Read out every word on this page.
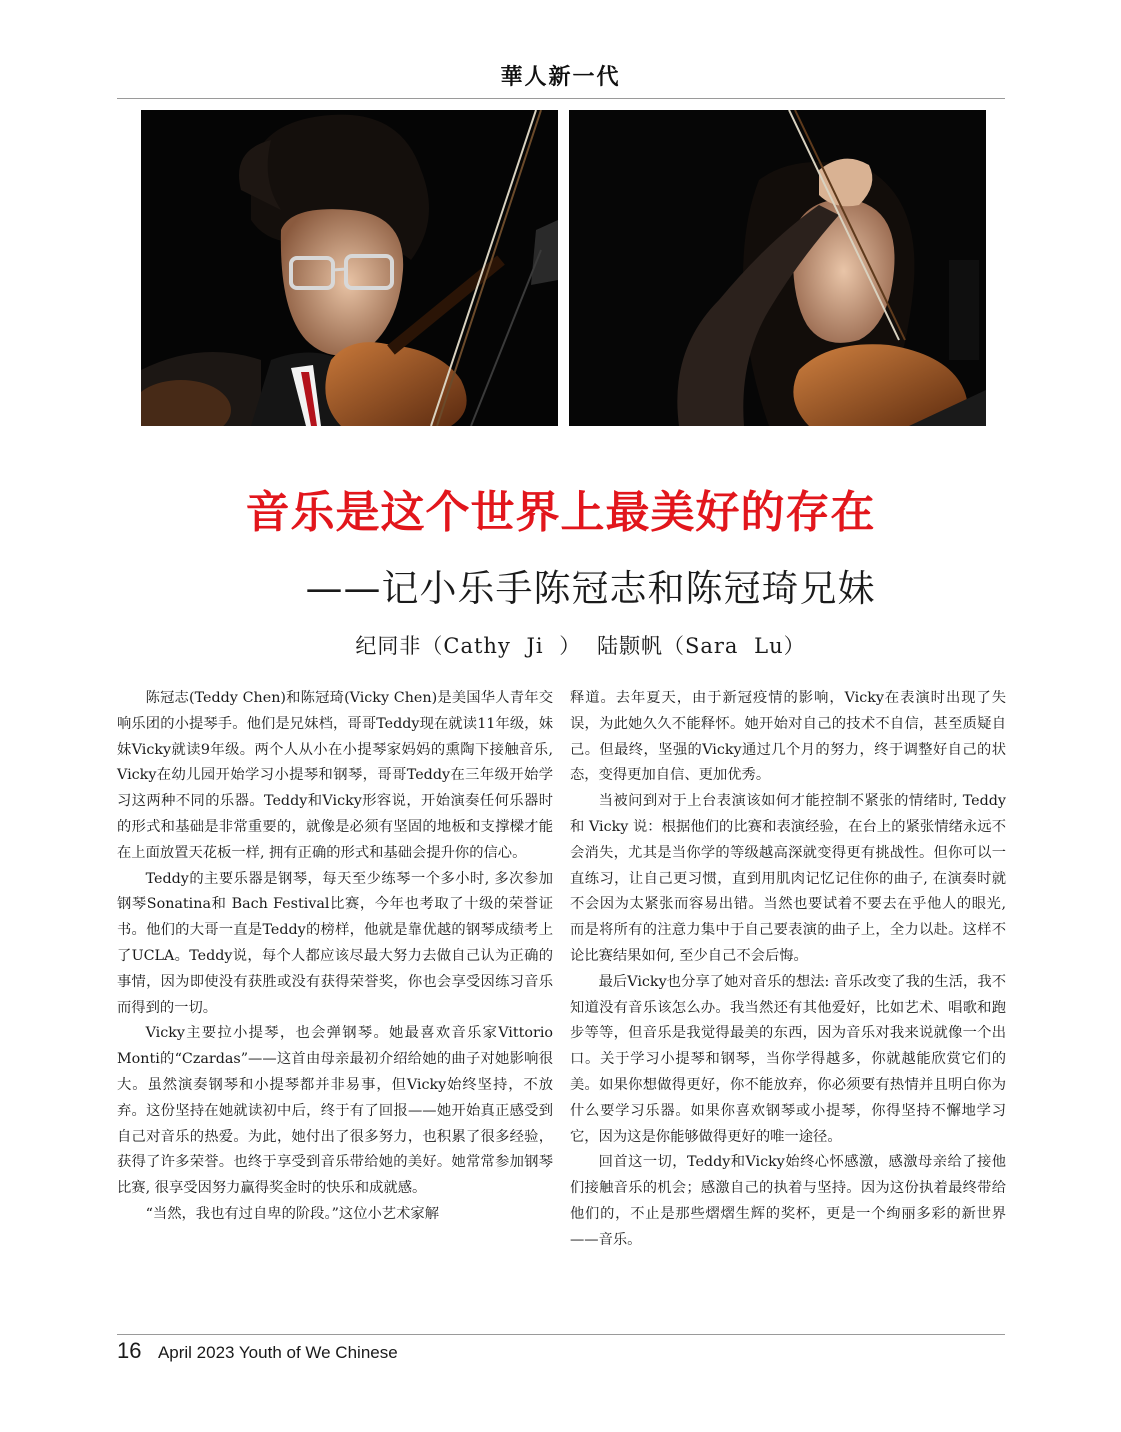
華人新一代
音乐是这个世界上最美好的存在
——记小乐手陈冠志和陈冠琦兄妹
纪同非（Cathy Ji ） 陆颢帆（Sara Lu）

陈冠志(Teddy Chen)和陈冠琦(Vicky Chen)是美国华人青年交响乐团的小提琴手。他们是兄妹档，哥哥Teddy现在就读11年级，妹妹Vicky就读9年级。两个人从小在小提琴家妈妈的熏陶下接触音乐, Vicky在幼儿园开始学习小提琴和钢琴，哥哥Teddy在三年级开始学习这两种不同的乐器。Teddy和Vicky形容说，开始演奏任何乐器时的形式和基础是非常重要的，就像是必须有坚固的地板和支撑樑才能在上面放置天花板一样, 拥有正确的形式和基础会提升你的信心。

Teddy的主要乐器是钢琴，每天至少练琴一个多小时, 多次参加钢琴Sonatina和 Bach Festival比赛，今年也考取了十级的荣誉证书。他们的大哥一直是Teddy的榜样，他就是靠优越的钢琴成绩考上了UCLA。Teddy说，每个人都应该尽最大努力去做自己认为正确的事情，因为即使没有获胜或没有获得荣誉奖，你也会享受因练习音乐而得到的一切。

Vicky主要拉小提琴，也会弹钢琴。她最喜欢音乐家Vittorio Monti的“Czardas”——这首由母亲最初介绍给她的曲子对她影响很大。虽然演奏钢琴和小提琴都并非易事，但Vicky始终坚持，不放弃。这份坚持在她就读初中后，终于有了回报——她开始真正感受到自己对音乐的热爱。为此，她付出了很多努力，也积累了很多经验，获得了许多荣誉。也终于享受到音乐带给她的美好。她常常参加钢琴比赛, 很享受因努力赢得奖金时的快乐和成就感。

“当然，我也有过自卑的阶段。”这位小艺术家解

释道。去年夏天，由于新冠疫情的影响，Vicky在表演时出现了失误，为此她久久不能释怀。她开始对自己的技术不自信，甚至质疑自己。但最终，坚强的Vicky通过几个月的努力，终于调整好自己的状态，变得更加自信、更加优秀。

当被问到对于上台表演该如何才能控制不紧张的情绪时, Teddy 和 Vicky 说：根据他们的比赛和表演经验，在台上的紧张情绪永远不会消失，尤其是当你学的等级越高深就变得更有挑战性。但你可以一直练习，让自己更习惯，直到用肌肉记忆记住你的曲子, 在演奏时就不会因为太紧张而容易出错。当然也要试着不要去在乎他人的眼光, 而是将所有的注意力集中于自己要表演的曲子上，全力以赴。这样不论比赛结果如何, 至少自己不会后悔。

最后Vicky也分享了她对音乐的想法: 音乐改变了我的生活，我不知道没有音乐该怎么办。我当然还有其他爱好，比如艺术、唱歌和跑步等等，但音乐是我觉得最美的东西，因为音乐对我来说就像一个出口。关于学习小提琴和钢琴，当你学得越多，你就越能欣赏它们的美。如果你想做得更好，你不能放弃，你必须要有热情并且明白你为什么要学习乐器。如果你喜欢钢琴或小提琴，你得坚持不懈地学习它，因为这是你能够做得更好的唯一途径。

回首这一切，Teddy和Vicky始终心怀感激，感激母亲给了接他们接触音乐的机会；感激自己的执着与坚持。因为这份执着最终带给他们的，不止是那些熠熠生辉的奖杯，更是一个绚丽多彩的新世界——音乐。

16 April 2023 Youth of We Chinese
